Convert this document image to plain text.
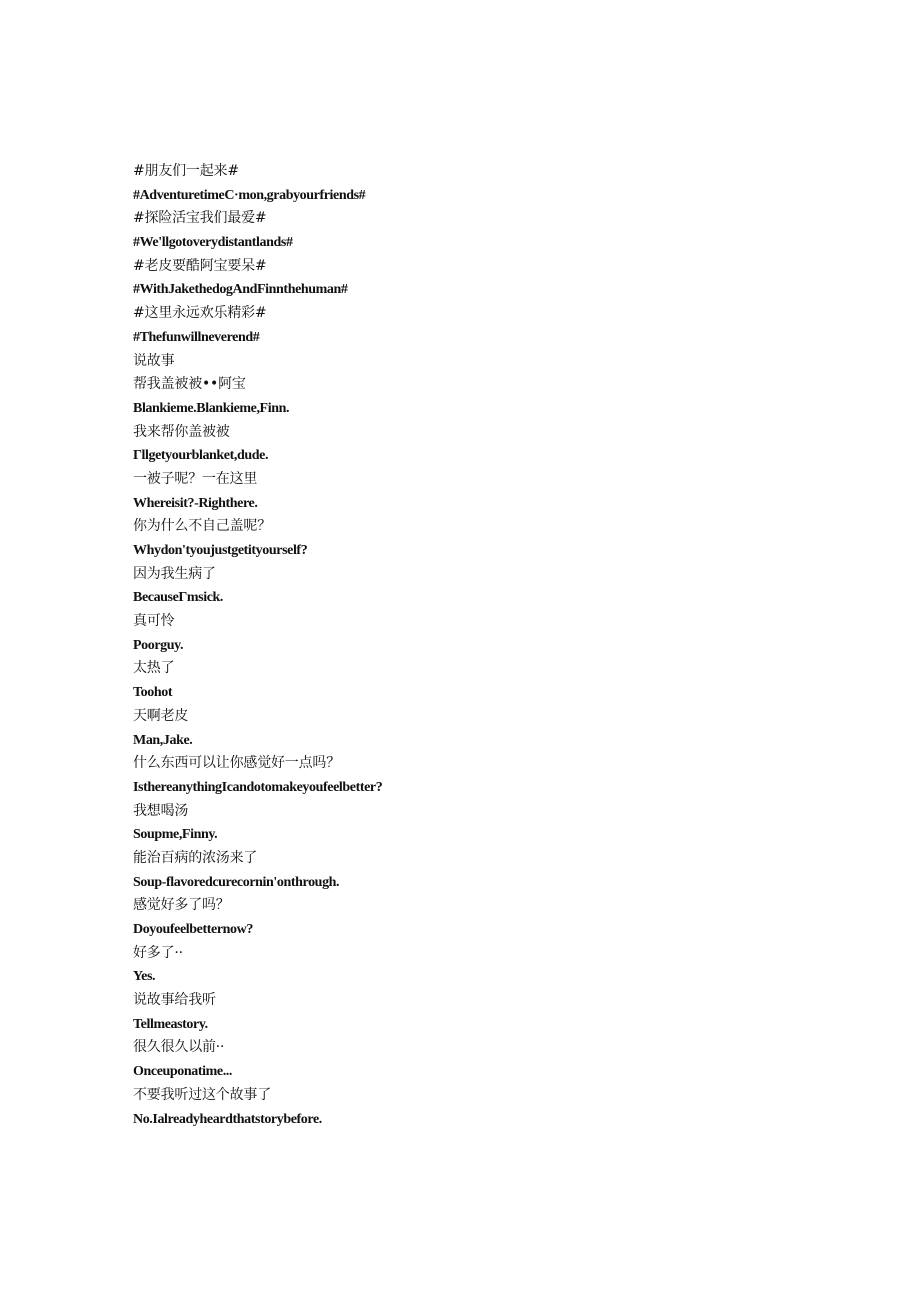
#朋友们一起来#
#AdventuretimeC·mon,grabyourfriends#
#探险活宝我们最爱#
#We'llgotoverydistantlands#
#老皮要酷阿宝要呆#
#WithJakethedogAndFinnthehuman#
#这里永远欢乐精彩#
#Thefunwillneverend#
说故事
帮我盖被被••阿宝
Blankieme.Blankieme,Finn.
我来帮你盖被被
Γllgetyourblanket,dude.
一被子呢？一在这里
Whereisit?-Righthere.
你为什么不自己盖呢？
Whydon'tyoujustgetityourself?
因为我生病了
BecauseΓmsick.
真可怜
Poorguy.
太热了
Toohot
天啊老皮
Man,Jake.
什么东西可以让你感觉好一点吗？
IsthereanythingIcandotomakeyoufeelbetter?
我想喝汤
Soupme,Finny.
能治百病的浓汤来了
Soup-flavoredcurecornin'onthrough.
感觉好多了吗？
Doyoufeelbetternow?
好多了··
Yes.
说故事给我听
Tellmeastory.
很久很久以前··
Onceuponatime...
不要我听过这个故事了
No.Ialreadyheardthatstorybefore.
